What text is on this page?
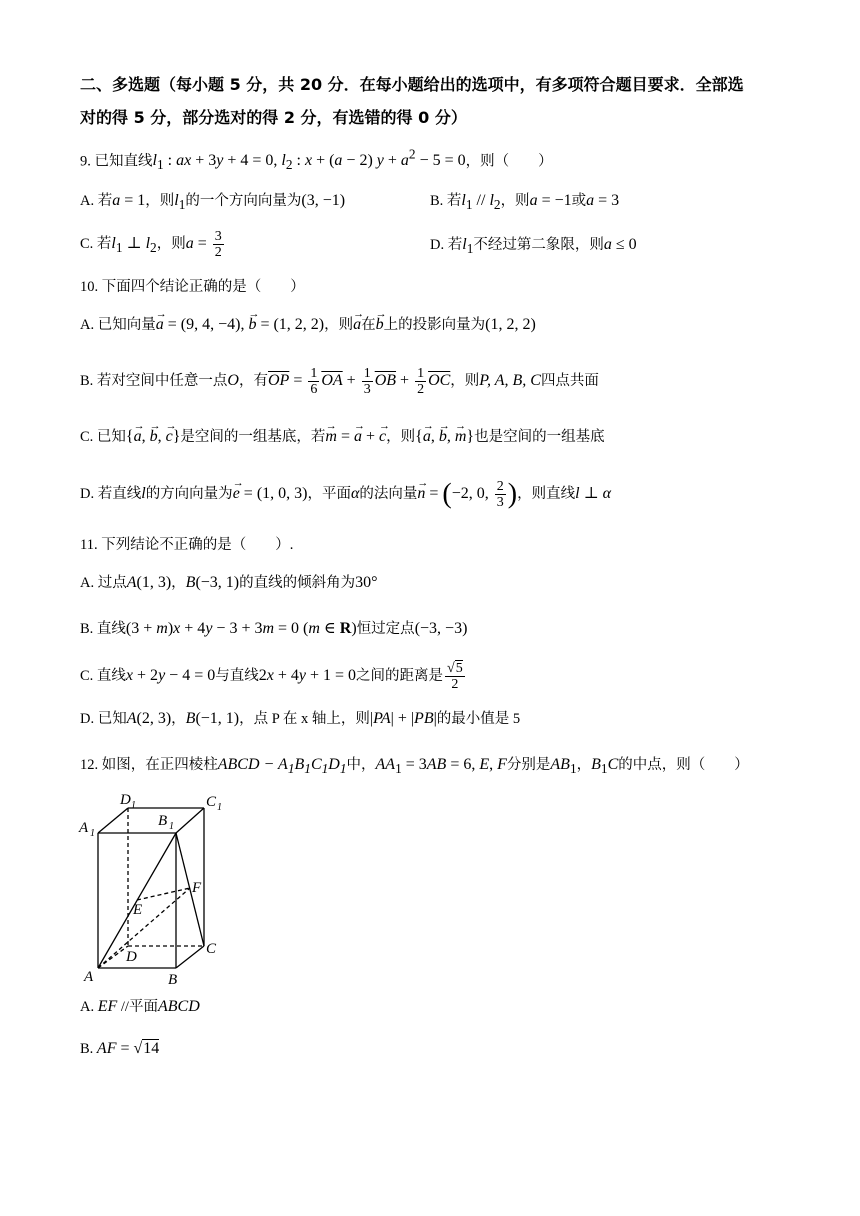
二、多选题（每小题 5 分，共 20 分．在每小题给出的选项中，有多项符合题目要求．全部选
对的得 5 分，部分选对的得 2 分，有选错的得 0 分）
9. 已知直线$l_1$ : ax + 3y + 4 = 0, $l_2$ : x + (a − 2) $y + a^2 - 5 = 0$，则（　　）
A. 若a = 1，则$l_1$的一个方向向量为(3, −1)	B. 若$l_1 // l_2$，则a = −1或a = 3
C. 若$l_1$ ⊥ $l_2$，则$a = \frac{3}{2}$	D. 若$l_1$不经过第二象限，则a ≤ 0
10. 下面四个结论正确的是（　　）
A. 已知向量→ a = (9, 4, −4), → b = (1, 2, 2)，则→ a在→ b上的投影向量为(1, 2, 2)
B. 若对空间中任意一点O，有$\overline{OP} = \frac{1}{6} \overline{OA} + \frac{1}{3} \overline{OB} + \frac{1}{2} \overline{OC}$，则P, A, B, C四点共面
C. 已知{→ a, → b, → c}是空间的一组基底，若→ m = → a + → c，则{→ a, → b, → m}也是空间的一组基底
D. 若直线l的方向向量为→ e = (1, 0, 3)，平面α的法向量→ n = (−2, 0, $\frac{2}{3}$ )，则直线l ⊥ α
11. 下列结论不正确的是（　　）.
A. 过点A(1, 3)，B(−3, 1)的直线的倾斜角为30°
B. 直线(3 + m)x + 4y − 3 + 3m = 0 (m ∈ R)恒过定点(−3, −3)
C. 直线x + 2y − 4 = 0与直线2x + 4y + 1 = 0之间的距离是 $\frac{√5}{2}$
D. 已知A(2, 3)，B(−1, 1)，点 P 在 x 轴上，则|PA| + |PB|的最小值是 5
12. 如图，在正四棱柱ABCD − $A_1B_1C_1D_1$中，$AA_1 = 3AB = 6$, E, F分别是$AB_1$，$B_1C$的中点，则（　　）
D 1	C 1
B 1
A 1
F
E
D	C
A	B
A. EF //平面ABCD
B. AF = √14
